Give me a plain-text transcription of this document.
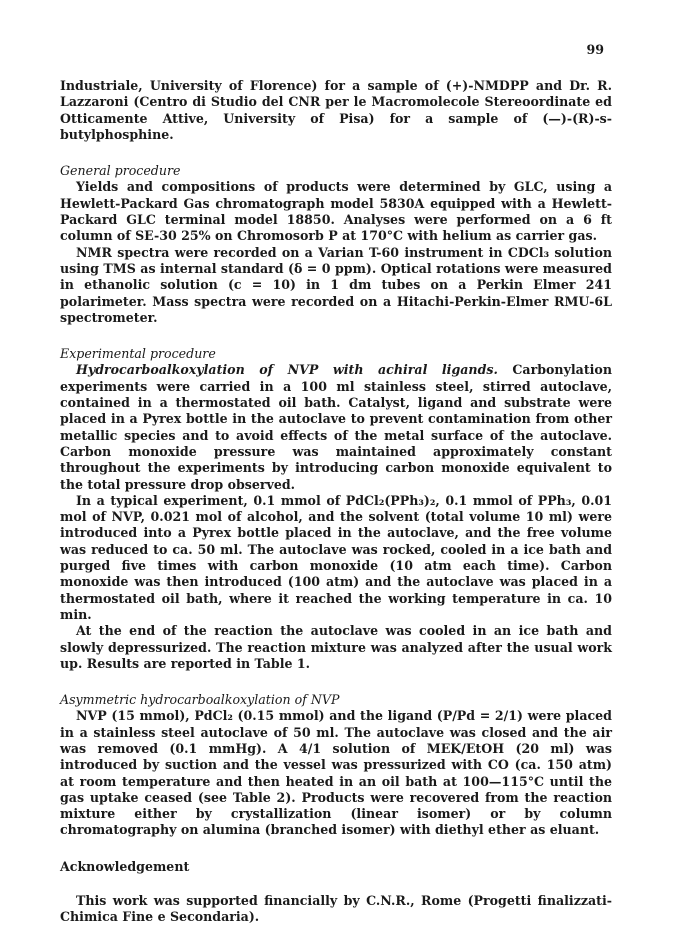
99

Industriale, University of Florence) for a sample of (+)-NMDPP and Dr. R. Lazzaroni (Centro di Studio del CNR per le Macromolecole Stereoordinate ed Otticamente Attive, University of Pisa) for a sample of (—)-(R)-s-butylphosphine.

General procedure

Yields and compositions of products were determined by GLC, using a Hewlett-Packard Gas chromatograph model 5830A equipped with a Hewlett-Packard GLC terminal model 18850. Analyses were performed on a 6 ft column of SE-30 25% on Chromosorb P at 170°C with helium as carrier gas.

NMR spectra were recorded on a Varian T-60 instrument in CDCl₃ solution using TMS as internal standard (δ = 0 ppm). Optical rotations were measured in ethanolic solution (c = 10) in 1 dm tubes on a Perkin Elmer 241 polarimeter. Mass spectra were recorded on a Hitachi-Perkin-Elmer RMU-6L spectrometer.

Experimental procedure

Hydrocarboalkoxylation of NVP with achiral ligands. Carbonylation experiments were carried in a 100 ml stainless steel, stirred autoclave, contained in a thermostated oil bath. Catalyst, ligand and substrate were placed in a Pyrex bottle in the autoclave to prevent contamination from other metallic species and to avoid effects of the metal surface of the autoclave. Carbon monoxide pressure was maintained approximately constant throughout the experiments by introducing carbon monoxide equivalent to the total pressure drop observed.

In a typical experiment, 0.1 mmol of PdCl₂(PPh₃)₂, 0.1 mmol of PPh₃, 0.01 mol of NVP, 0.021 mol of alcohol, and the solvent (total volume 10 ml) were introduced into a Pyrex bottle placed in the autoclave, and the free volume was reduced to ca. 50 ml. The autoclave was rocked, cooled in a ice bath and purged five times with carbon monoxide (10 atm each time). Carbon monoxide was then introduced (100 atm) and the autoclave was placed in a thermostated oil bath, where it reached the working temperature in ca. 10 min.

At the end of the reaction the autoclave was cooled in an ice bath and slowly depressurized. The reaction mixture was analyzed after the usual work up. Results are reported in Table 1.

Asymmetric hydrocarboalkoxylation of NVP

NVP (15 mmol), PdCl₂ (0.15 mmol) and the ligand (P/Pd = 2/1) were placed in a stainless steel autoclave of 50 ml. The autoclave was closed and the air was removed (0.1 mmHg). A 4/1 solution of MEK/EtOH (20 ml) was introduced by suction and the vessel was pressurized with CO (ca. 150 atm) at room temperature and then heated in an oil bath at 100—115°C until the gas uptake ceased (see Table 2). Products were recovered from the reaction mixture either by crystallization (linear isomer) or by column chromatography on alumina (branched isomer) with diethyl ether as eluant.

Acknowledgement

This work was supported financially by C.N.R., Rome (Progetti finalizzati-Chimica Fine e Secondaria).
